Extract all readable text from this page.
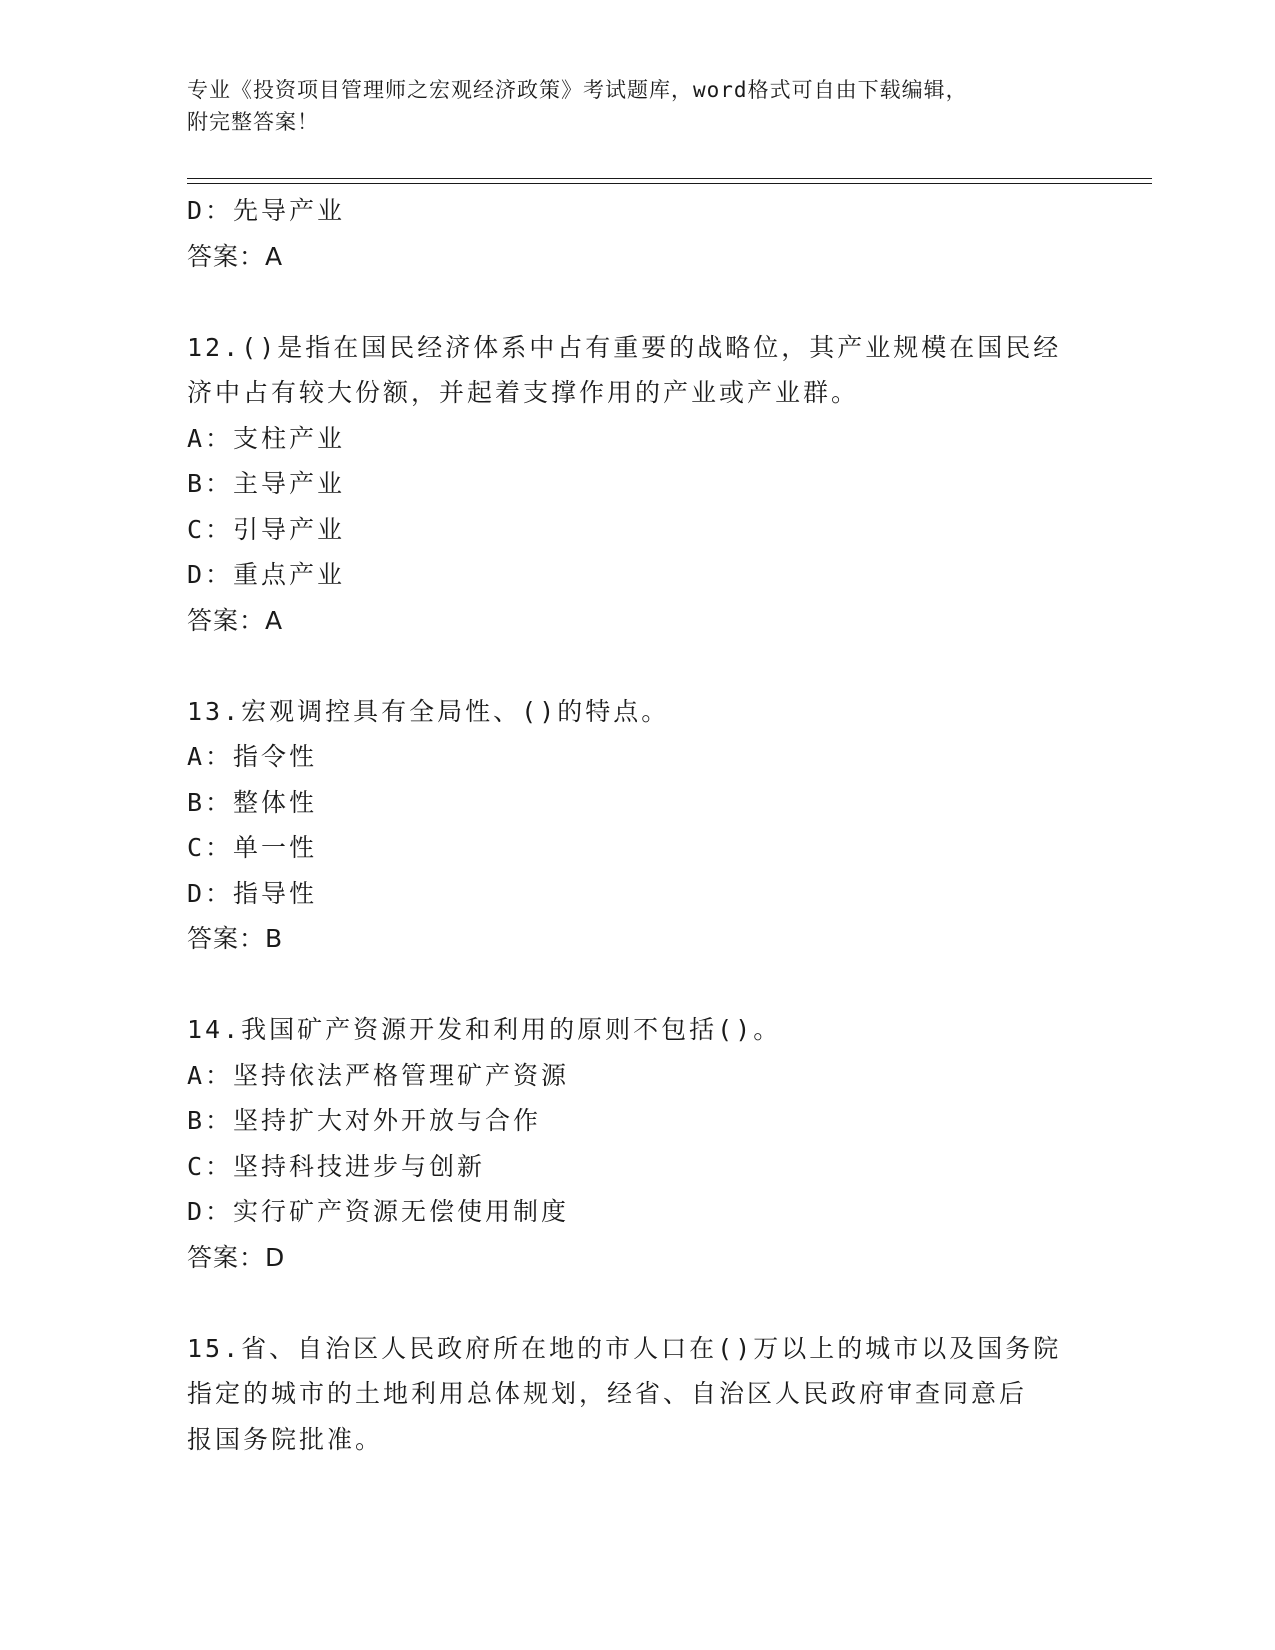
专业《投资项目管理师之宏观经济政策》考试题库，word格式可自由下载编辑，
附完整答案！
D：先导产业
答案：A
12.()是指在国民经济体系中占有重要的战略位，其产业规模在国民经
济中占有较大份额，并起着支撑作用的产业或产业群。
A：支柱产业
B：主导产业
C：引导产业
D：重点产业
答案：A
13.宏观调控具有全局性、()的特点。
A：指令性
B：整体性
C：单一性
D：指导性
答案：B
14.我国矿产资源开发和利用的原则不包括()。
A：坚持依法严格管理矿产资源
B：坚持扩大对外开放与合作
C：坚持科技进步与创新
D：实行矿产资源无偿使用制度
答案：D
15.省、自治区人民政府所在地的市人口在()万以上的城市以及国务院
指定的城市的土地利用总体规划，经省、自治区人民政府审查同意后
报国务院批准。
